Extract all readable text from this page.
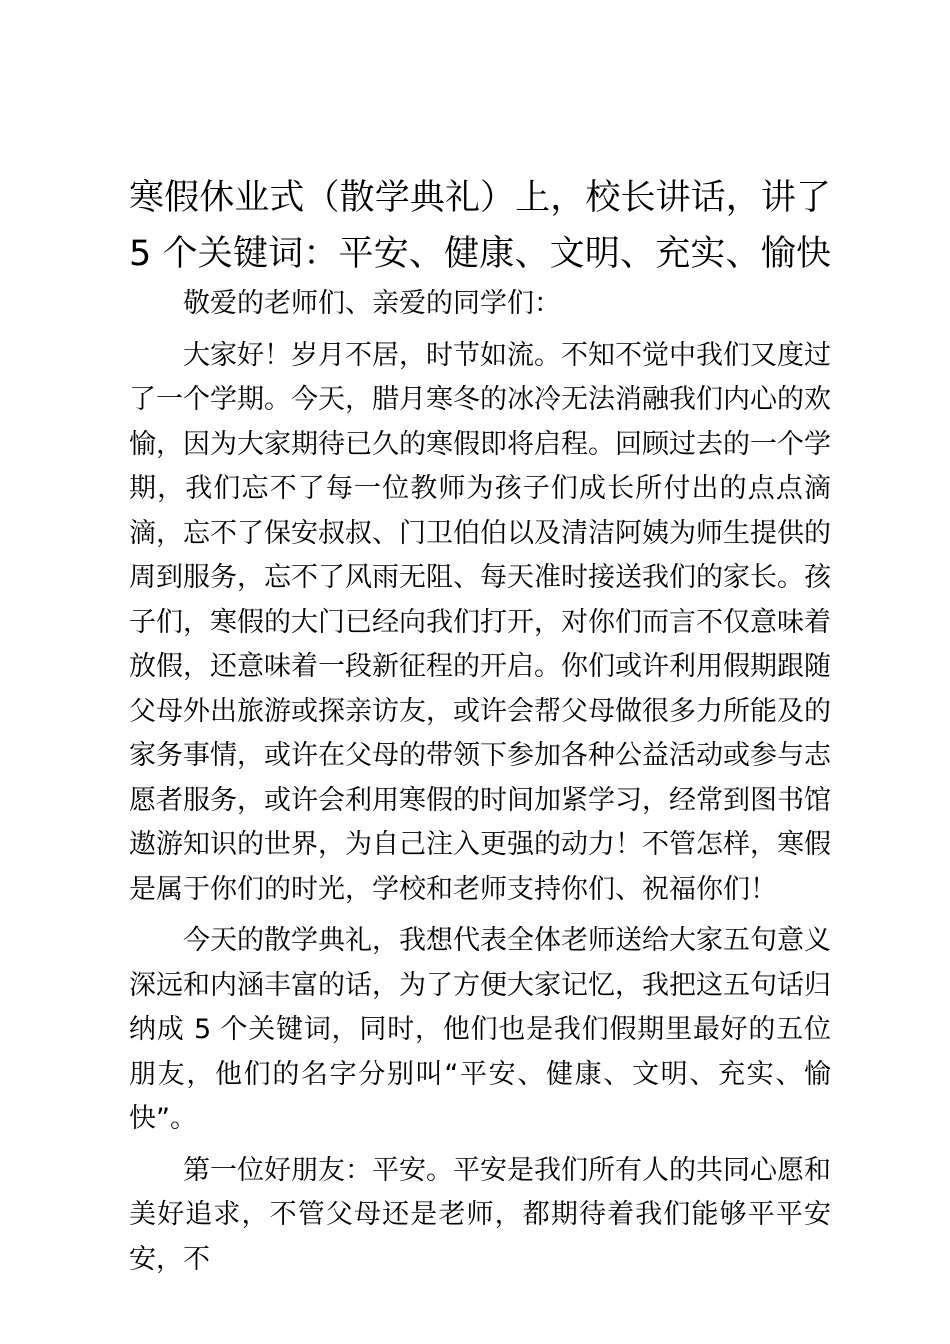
寒假休业式（散学典礼）上，校长讲话，讲了
5 个关键词：平安、健康、文明、充实、愉快

敬爱的老师们、亲爱的同学们：

大家好！岁月不居，时节如流。不知不觉中我们又度过了一个学期。今天，腊月寒冬的冰冷无法消融我们内心的欢愉，因为大家期待已久的寒假即将启程。回顾过去的一个学期，我们忘不了每一位教师为孩子们成长所付出的点点滴滴，忘不了保安叔叔、门卫伯伯以及清洁阿姨为师生提供的周到服务，忘不了风雨无阻、每天准时接送我们的家长。孩子们，寒假的大门已经向我们打开，对你们而言不仅意味着放假，还意味着一段新征程的开启。你们或许利用假期跟随父母外出旅游或探亲访友，或许会帮父母做很多力所能及的家务事情，或许在父母的带领下参加各种公益活动或参与志愿者服务，或许会利用寒假的时间加紧学习，经常到图书馆遨游知识的世界，为自己注入更强的动力！不管怎样，寒假是属于你们的时光，学校和老师支持你们、祝福你们！

今天的散学典礼，我想代表全体老师送给大家五句意义深远和内涵丰富的话，为了方便大家记忆，我把这五句话归纳成 5 个关键词，同时，他们也是我们假期里最好的五位朋友，他们的名字分别叫“平安、健康、文明、充实、愉快”。

第一位好朋友：平安。平安是我们所有人的共同心愿和美好追求，不管父母还是老师，都期待着我们能够平平安安，不
